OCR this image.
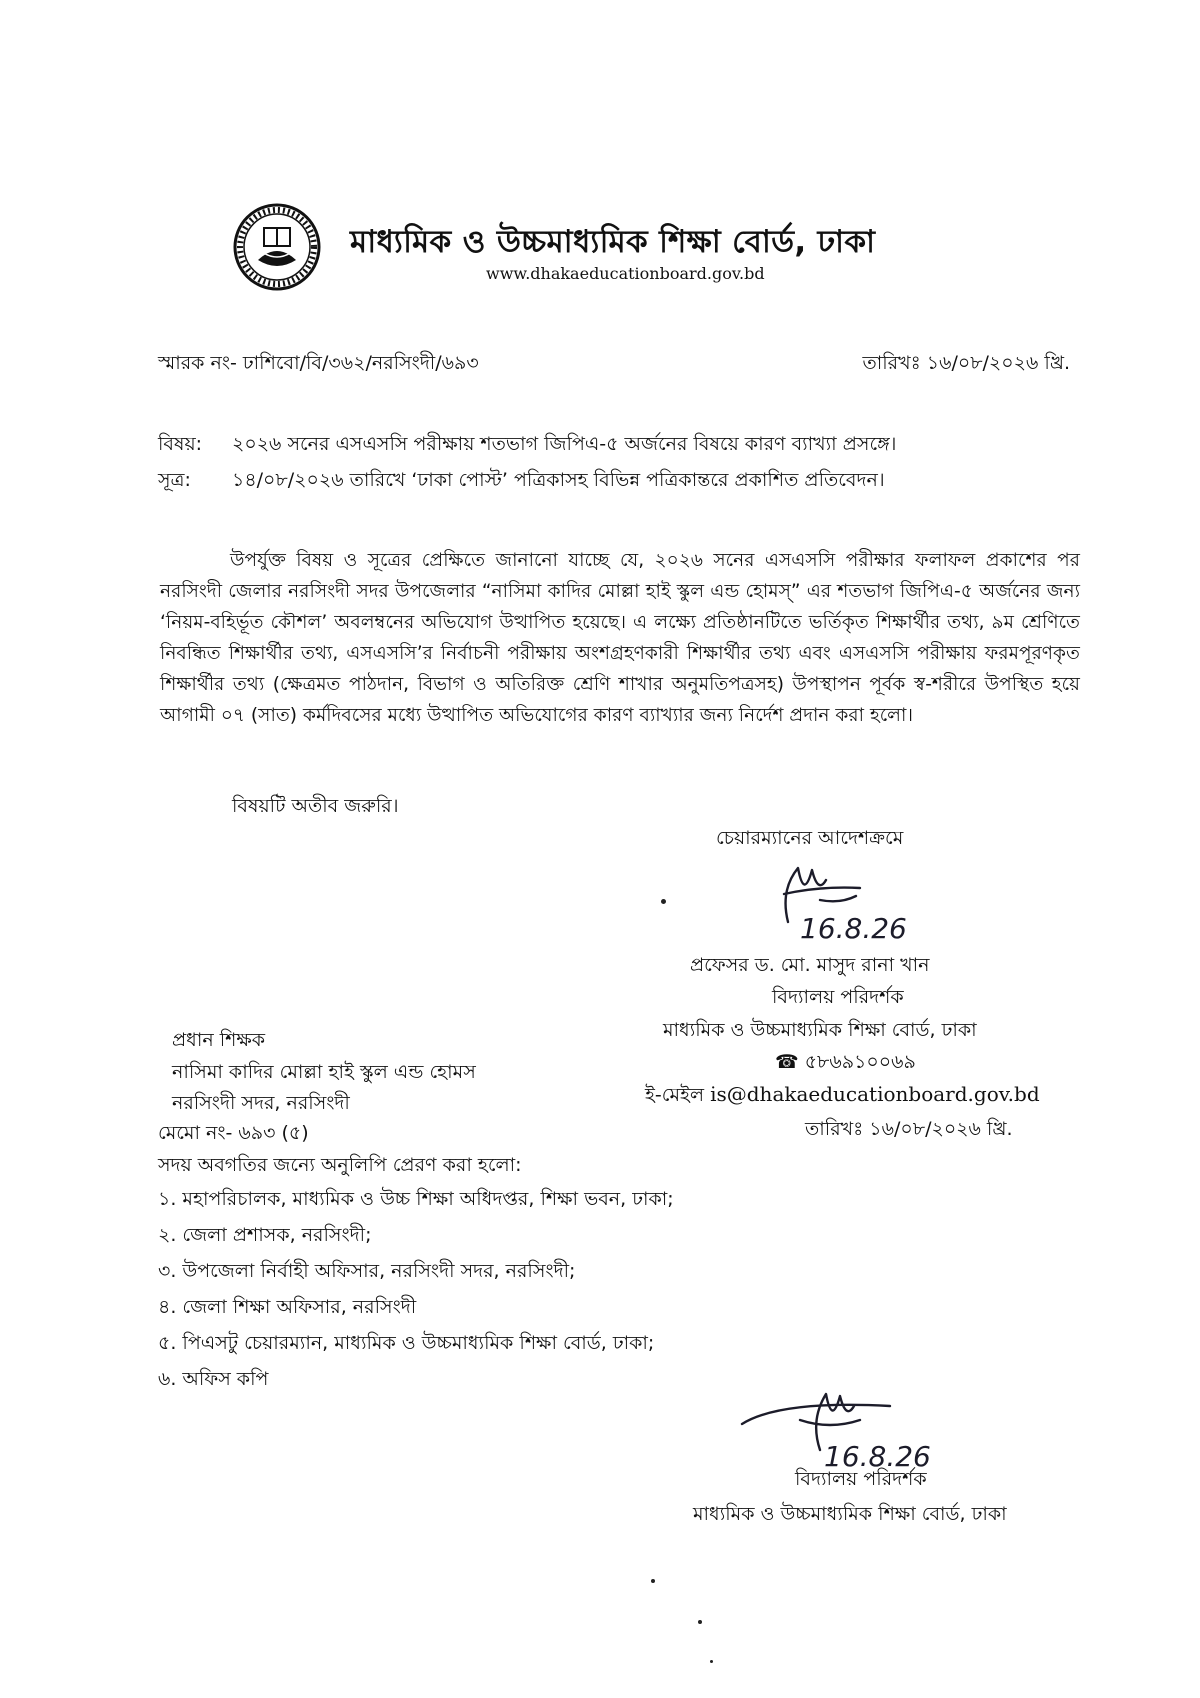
মাধ্যমিক ও উচ্চমাধ্যমিক শিক্ষা বোর্ড, ঢাকা
www.dhakaeducationboard.gov.bd
স্মারক নং- ঢাশিবো/বি/৩৬২/নরসিংদী/৬৯৩	তারিখঃ ১৬/০৮/২০২৬ খ্রি.
বিষয়: ২০২৬ সনের এসএসসি পরীক্ষায় শতভাগ জিপিএ-৫ অর্জনের বিষয়ে কারণ ব্যাখ্যা প্রসঙ্গে।
সূত্র: ১৪/০৮/২০২৬ তারিখে ‘ঢাকা পোস্ট’ পত্রিকাসহ বিভিন্ন পত্রিকান্তরে প্রকাশিত প্রতিবেদন।
উপর্যুক্ত বিষয় ও সূত্রের প্রেক্ষিতে জানানো যাচ্ছে যে, ২০২৬ সনের এসএসসি পরীক্ষার ফলাফল প্রকাশের পর নরসিংদী জেলার নরসিংদী সদর উপজেলার “নাসিমা কাদির মোল্লা হাই স্কুল এন্ড হোমস্” এর শতভাগ জিপিএ-৫ অর্জনের জন্য ‘নিয়ম-বহির্ভূত কৌশল’ অবলম্বনের অভিযোগ উত্থাপিত হয়েছে। এ লক্ষ্যে প্রতিষ্ঠানটিতে ভর্তিকৃত শিক্ষার্থীর তথ্য, ৯ম শ্রেণিতে নিবন্ধিত শিক্ষার্থীর তথ্য, এসএসসি’র নির্বাচনী পরীক্ষায় অংশগ্রহণকারী শিক্ষার্থীর তথ্য এবং এসএসসি পরীক্ষায় ফরমপূরণকৃত শিক্ষার্থীর তথ্য (ক্ষেত্রমত পাঠদান, বিভাগ ও অতিরিক্ত শ্রেণি শাখার অনুমতিপত্রসহ) উপস্থাপন পূর্বক স্ব-শরীরে উপস্থিত হয়ে আগামী ০৭ (সাত) কর্মদিবসের মধ্যে উত্থাপিত অভিযোগের কারণ ব্যাখ্যার জন্য নির্দেশ প্রদান করা হলো।
বিষয়টি অতীব জরুরি।
চেয়ারম্যানের আদেশক্রমে
16.8.26
প্রফেসর ড. মো. মাসুদ রানা খান
বিদ্যালয় পরিদর্শক
মাধ্যমিক ও উচ্চমাধ্যমিক শিক্ষা বোর্ড, ঢাকা
☎ ৫৮৬৯১০০৬৯
ই-মেইল is@dhakaeducationboard.gov.bd
তারিখঃ ১৬/০৮/২০২৬ খ্রি.
প্রধান শিক্ষক
নাসিমা কাদির মোল্লা হাই স্কুল এন্ড হোমস
নরসিংদী সদর, নরসিংদী
মেমো নং- ৬৯৩ (৫)
সদয় অবগতির জন্যে অনুলিপি প্রেরণ করা হলো:
১. মহাপরিচালক, মাধ্যমিক ও উচ্চ শিক্ষা অধিদপ্তর, শিক্ষা ভবন, ঢাকা;
২. জেলা প্রশাসক, নরসিংদী;
৩. উপজেলা নির্বাহী অফিসার, নরসিংদী সদর, নরসিংদী;
৪. জেলা শিক্ষা অফিসার, নরসিংদী
৫. পিএসটু চেয়ারম্যান, মাধ্যমিক ও উচ্চমাধ্যমিক শিক্ষা বোর্ড, ঢাকা;
৬. অফিস কপি
16.8.26
বিদ্যালয় পরিদর্শক
মাধ্যমিক ও উচ্চমাধ্যমিক শিক্ষা বোর্ড, ঢাকা
